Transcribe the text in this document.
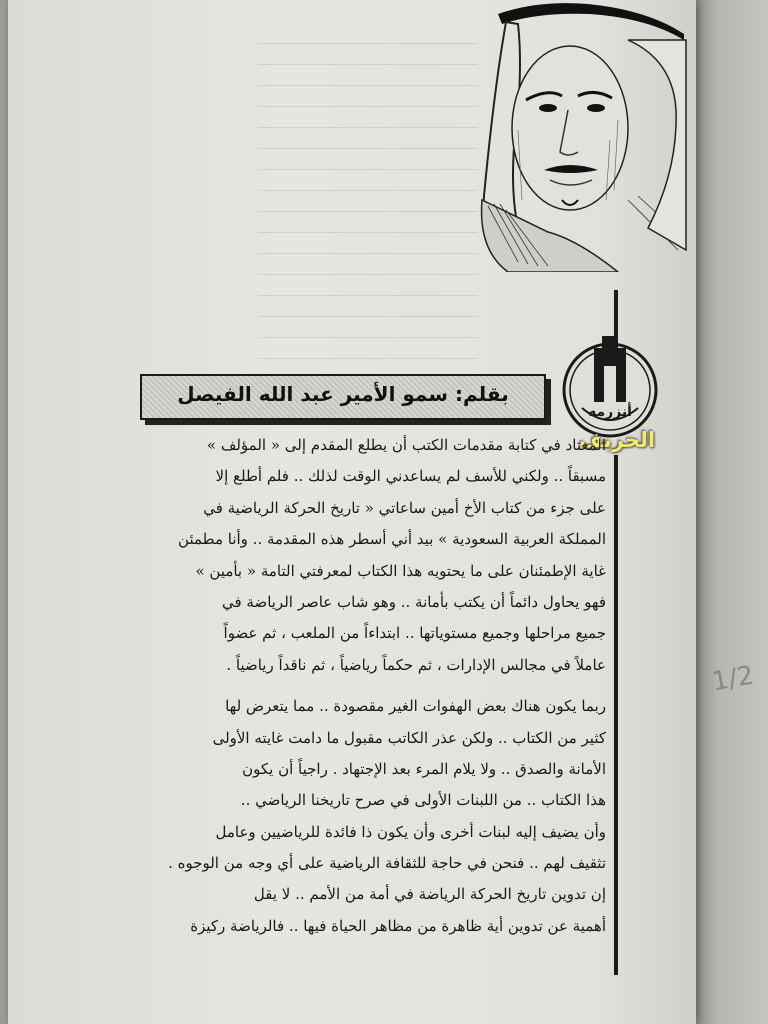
أنزرمه
الحريف
بقلم: سمو الأمير عبد الله الفيصل
المعتاد في كتابة مقدمات الكتب أن يطلع المقدم إلى « المؤلف »
مسبقاً .. ولكني للأسف لم يساعدني الوقت لذلك .. فلم أطلع إلا
على جزء من كتاب الأخ أمين ساعاتي « تاريخ الحركة الرياضية في
المملكة العربية السعودية » بيد أني أسطر هذه المقدمة .. وأنا مطمئن
غاية الإطمئنان على ما يحتويه هذا الكتاب لمعرفتي التامة « بأمين »
فهو يحاول دائماً أن يكتب بأمانة .. وهو شاب عاصر الرياضة في
جميع مراحلها وجميع مستوياتها .. ابتداءاً من الملعب ، ثم عضواً
عاملاً في مجالس الإدارات ، ثم حكماً رياضياً ، ثم ناقداً رياضياً .
ربما يكون هناك بعض الهفوات الغير مقصودة .. مما يتعرض لها
كثير من الكتاب .. ولكن عذر الكاتب مقبول ما دامت غايته الأولى
الأمانة والصدق .. ولا يلام المرء بعد الإجتهاد . راجياً أن يكون
هذا الكتاب .. من اللبنات الأولى في صرح تاريخنا الرياضي ..
وأن يضيف إليه لبنات أخرى وأن يكون ذا فائدة للرياضيين وعامل
تثقيف لهم .. فنحن في حاجة للثقافة الرياضية على أي وجه من الوجوه .
إن تدوين تاريخ الحركة الرياضة في أمة من الأمم .. لا يقل
أهمية عن تدوين أية ظاهرة من مظاهر الحياة فيها .. فالرياضة ركيزة
1/2
